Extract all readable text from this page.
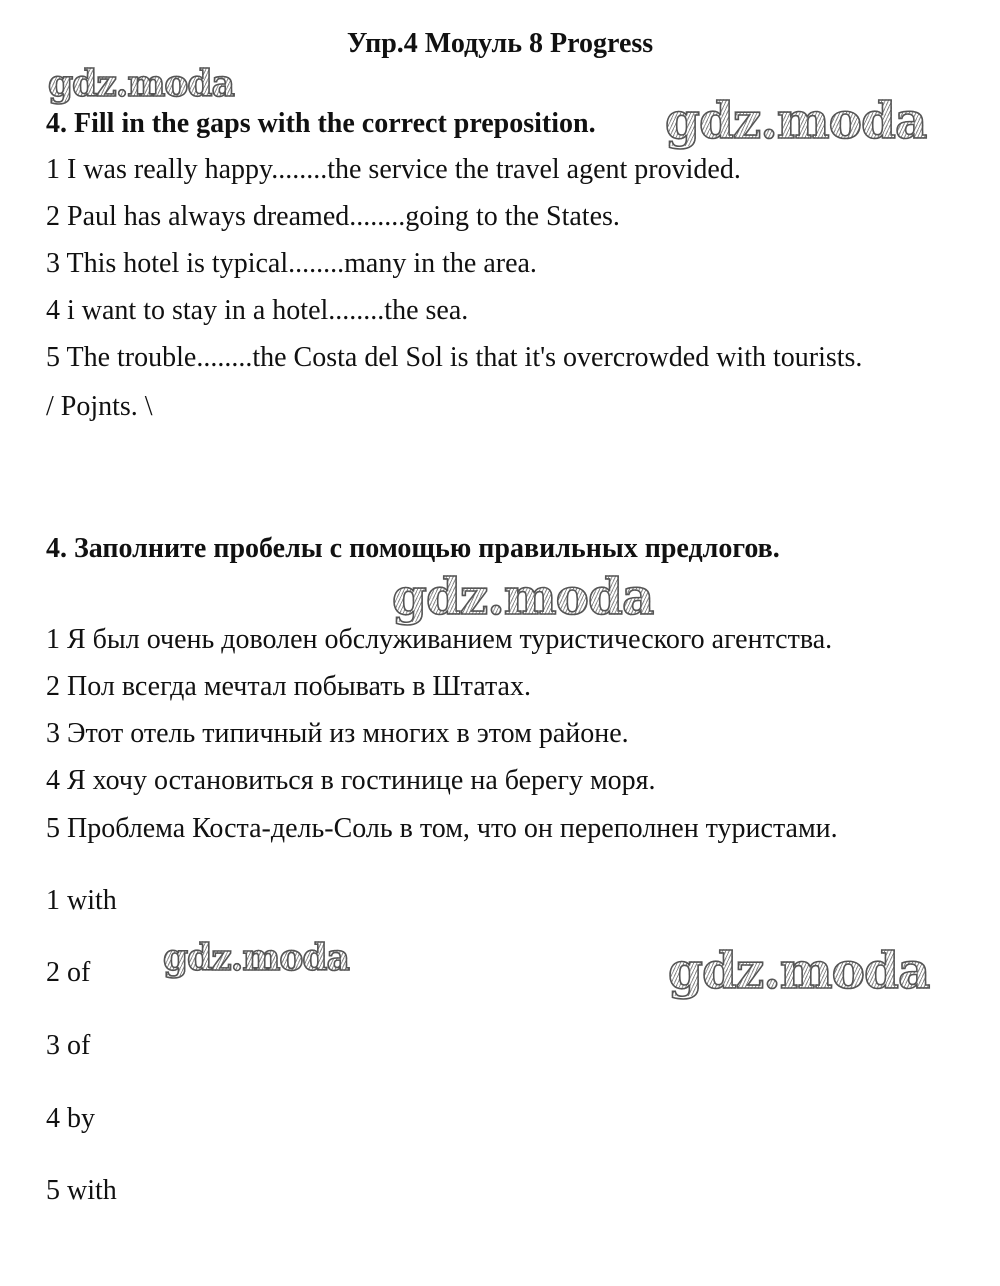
Упр.4 Модуль 8 Progress
4. Fill in the gaps with the correct preposition.

1 I was really happy........the service the travel agent provided.

2 Paul has always dreamed........going to the States.

3 This hotel is typical........many in the area.

4 i want to stay in a hotel........the sea.

5 The trouble........the Costa del Sol is that it's overcrowded with tourists.

/ Pojnts. \

4. Заполните пробелы с помощью правильных предлогов.

1 Я был очень доволен обслуживанием туристического агентства.

2 Пол всегда мечтал побывать в Штатах.

3 Этот отель типичный из многих в этом районе.

4 Я хочу остановиться в гостинице на берегу моря.

5 Проблема Коста-дель-Соль в том, что он переполнен туристами.

1 with

2 of

3 of

4 by

5 with

gdz.moda
gdz.moda
gdz.moda
gdz.moda	gdz.moda
